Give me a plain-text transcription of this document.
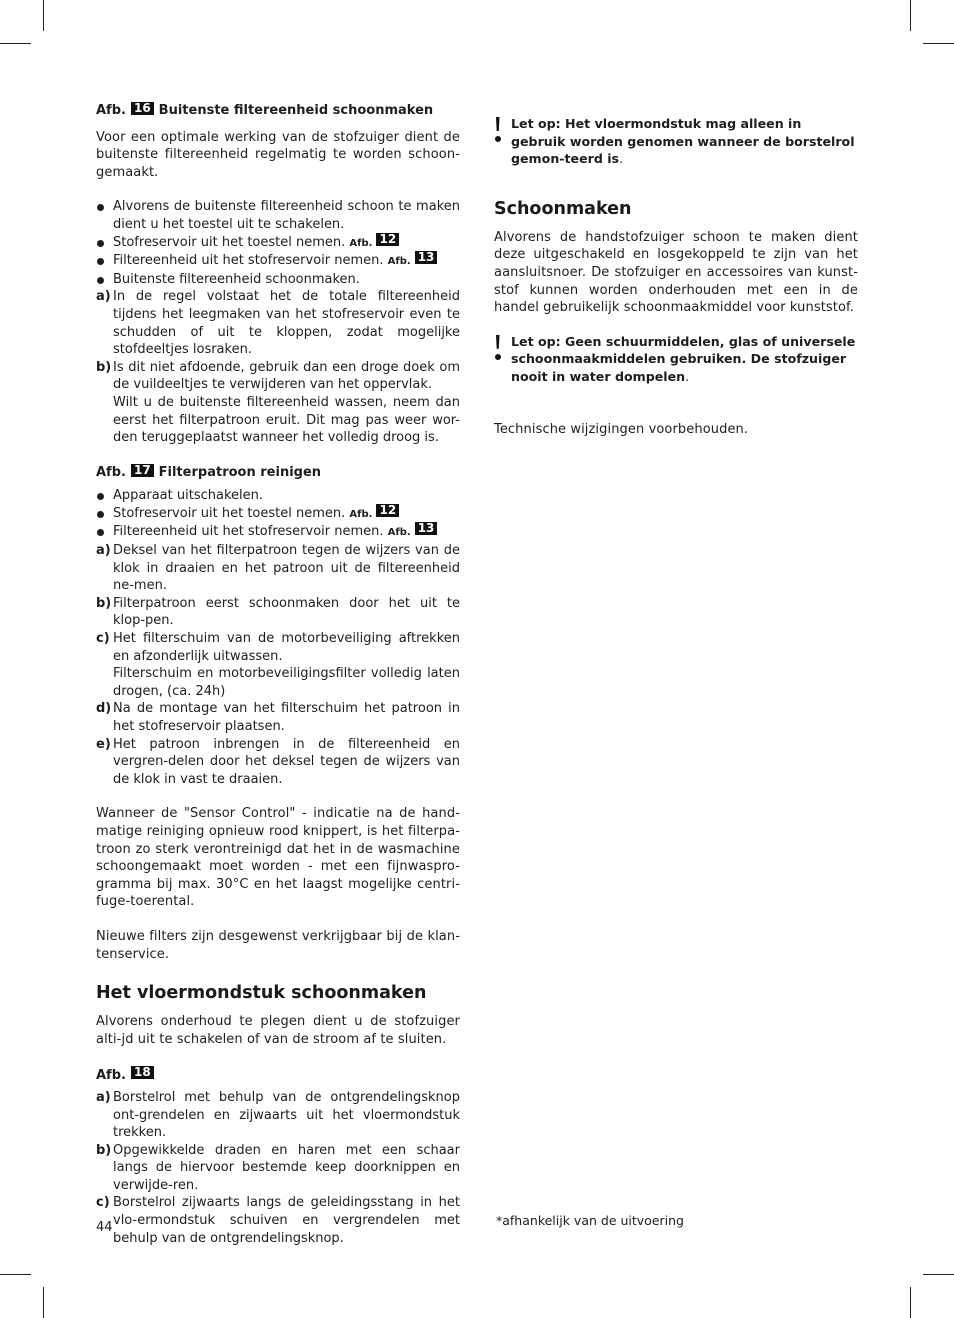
Afb. 16 Buitenste filtereenheid schoonmaken

Voor een optimale werking van de stofzuiger dient de buitenste filtereenheid regelmatig te worden schoon-gemaakt.

Alvorens de buitenste filtereenheid schoon te maken dient u het toestel uit te schakelen.
Stofreservoir uit het toestel nemen. Afb. 12
Filtereenheid uit het stofreservoir nemen. Afb. 13
Buitenste filtereenheid schoonmaken.
a) In de regel volstaat het de totale filtereenheid tijdens het leegmaken van het stofreservoir even te schudden of uit te kloppen, zodat mogelijke stofdeeltjes losraken.
b) Is dit niet afdoende, gebruik dan een droge doek om de vuildeeltjes te verwijderen van het oppervlak.
Wilt u de buitenste filtereenheid wassen, neem dan eerst het filterpatroon eruit. Dit mag pas weer wor-den teruggeplaatst wanneer het volledig droog is.
Afb. 17 Filterpatroon reinigen
Apparaat uitschakelen.
Stofreservoir uit het toestel nemen. Afb. 12
Filtereenheid uit het stofreservoir nemen. Afb. 13
a) Deksel van het filterpatroon tegen de wijzers van de klok in draaien en het patroon uit de filtereenheid ne-men.
b) Filterpatroon eerst schoonmaken door het uit te klop-pen.
c) Het filterschuim van de motorbeveiliging aftrekken en afzonderlijk uitwassen.
Filterschuim en motorbeveiligingsfilter volledig laten drogen, (ca. 24h)
d) Na de montage van het filterschuim het patroon in het stofreservoir plaatsen.
e) Het patroon inbrengen in de filtereenheid en vergren-delen door het deksel tegen de wijzers van de klok in vast te draaien.

Wanneer de "Sensor Control" - indicatie na de hand-matige reiniging opnieuw rood knippert, is het filterpa-troon zo sterk verontreinigd dat het in de wasmachine schoongemaakt moet worden - met een fijnwaspro-gramma bij max. 30°C en het laagst mogelijke centri-fuge-toerental.

Nieuwe filters zijn desgewenst verkrijgbaar bij de klan-tenservice.

Het vloermondstuk schoonmaken

Alvorens onderhoud te plegen dient u de stofzuiger alti-jd uit te schakelen of van de stroom af te sluiten.

Afb. 18
a) Borstelrol met behulp van de ontgrendelingsknop ont-grendelen en zijwaarts uit het vloermondstuk trekken.
b) Opgewikkelde draden en haren met een schaar langs de hiervoor bestemde keep doorknippen en verwijde-ren.
c) Borstelrol zijwaarts langs de geleidingsstang in het vlo-ermondstuk schuiven en vergrendelen met behulp van de ontgrendelingsknop.
Let op: Het vloermondstuk mag alleen in gebruik worden genomen wanneer de borstelrol gemon-teerd is.
Schoonmaken

Alvorens de handstofzuiger schoon te maken dient deze uitgeschakeld en losgekoppeld te zijn van het aansluitsnoer. De stofzuiger en accessoires van kunst-stof kunnen worden onderhouden met een in de handel gebruikelijk schoonmaakmiddel voor kunststof.

Let op: Geen schuurmiddelen, glas of universele schoonmaakmiddelen gebruiken. De stofzuiger nooit in water dompelen.

Technische wijzigingen voorbehouden.

44	*afhankelijk van de uitvoering
